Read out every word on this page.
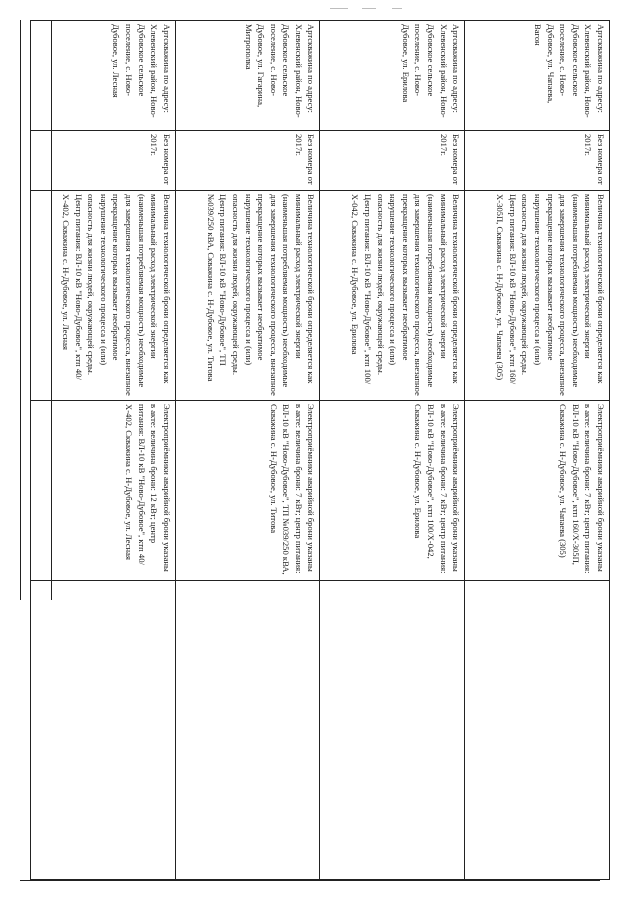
Артскважина по адресу: Хлевенский район, Ново-Дубовское сельское поселение, с. Ново-Дубовое, ул. Чапаева, Вагон	Без номера от 2017г.	Величина технологической брони определяется как минимальный расход электрической энергии (наименьшая потребляемая мощность) необходимые для завершения технологического процесса, внезапное прекращение которых вызывает необратимое нарушение технологического процесса и (или) опасность для жизни людей, окружающей среды. Центр питания: ВЛ-10 кВ "Ново-Дубовое", ктп 160/Х-305П, Скважина с. Н-Дубовое, ул. Чапаева (305)	Электроприёмники аварийной брони указаны в акте: величина брони: 7 кВт; центр питания: ВЛ-10 кВ "Ново-Дубовое", ктп 160/Х-305П, Скважина с. Н-Дубовое, ул. Чапаева (305)	
Артскважина по адресу: Хлевенский район, Ново-Дубовское сельское поселение, с. Ново-Дубовое, ул. Ерилова	Без номера от 2017г.	Величина технологической брони определяется как минимальный расход электрической энергии (наименьшая потребляемая мощность) необходимые для завершения технологического процесса, внезапное прекращение которых вызывает необратимое нарушение технологического процесса и (или) опасность для жизни людей, окружающей среды. Центр питания: ВЛ-10 кВ "Ново-Дубовое", ктп 100/Х-042, Скважина с. Н-Дубовое, ул. Ерилова	Электроприёмники аварийной брони указаны в акте: величина брони: 7 кВт; центр питания: ВЛ-10 кВ "Ново-Дубовое", ктп 100/Х-042, Скважина с. Н-Дубовое, ул. Ерилова	
Артскважина по адресу: Хлевенский район, Ново-Дубовское сельское поселение, с. Ново-Дубовое, ул. Гагарина, Митрополка	Без номера от 2017г.	Величина технологической брони определяется как минимальный расход электрической энергии (наименьшая потребляемая мощность) необходимые для завершения технологического процесса, внезапное прекращение которых вызывает необратимое нарушение технологического процесса и (или) опасность для жизни людей, окружающей среды. Центр питания: ВЛ-10 кВ "Ново-Дубовое", ТП №039/250 кВА, Скважина с. Н-Дубовое, ул. Титова	Электроприёмники аварийной брони указаны в акте: величина брони: 7 кВт; центр питания: ВЛ-10 кВ "Ново-Дубовое", ТП №039/250 кВА, Скважина с. Н-Дубовое, ул. Титова	
Артскважина по адресу: Хлевенский район, Ново-Дубовское сельское поселение, с. Ново-Дубовое, ул. Лесная	Без номера от 2017г.	Величина технологической брони определяется как минимальный расход электрической энергии (наименьшая потребляемая мощность) необходимые для завершения технологического процесса, внезапное прекращение которых вызывает необратимое нарушение технологического процесса и (или) опасность для жизни людей, окружающей среды. Центр питания: ВЛ-10 кВ "Ново-Дубовое", ктп 40/Х-402, Скважина с. Н-Дубовое, ул. Лесная	Электроприёмники аварийной брони указаны в акте: величина брони: 12 кВт; центр питания: ВЛ-10 кВ "Ново-Дубовое", ктп 40/Х-402, Скважина с. Н-Дубовое, ул. Лесная	
